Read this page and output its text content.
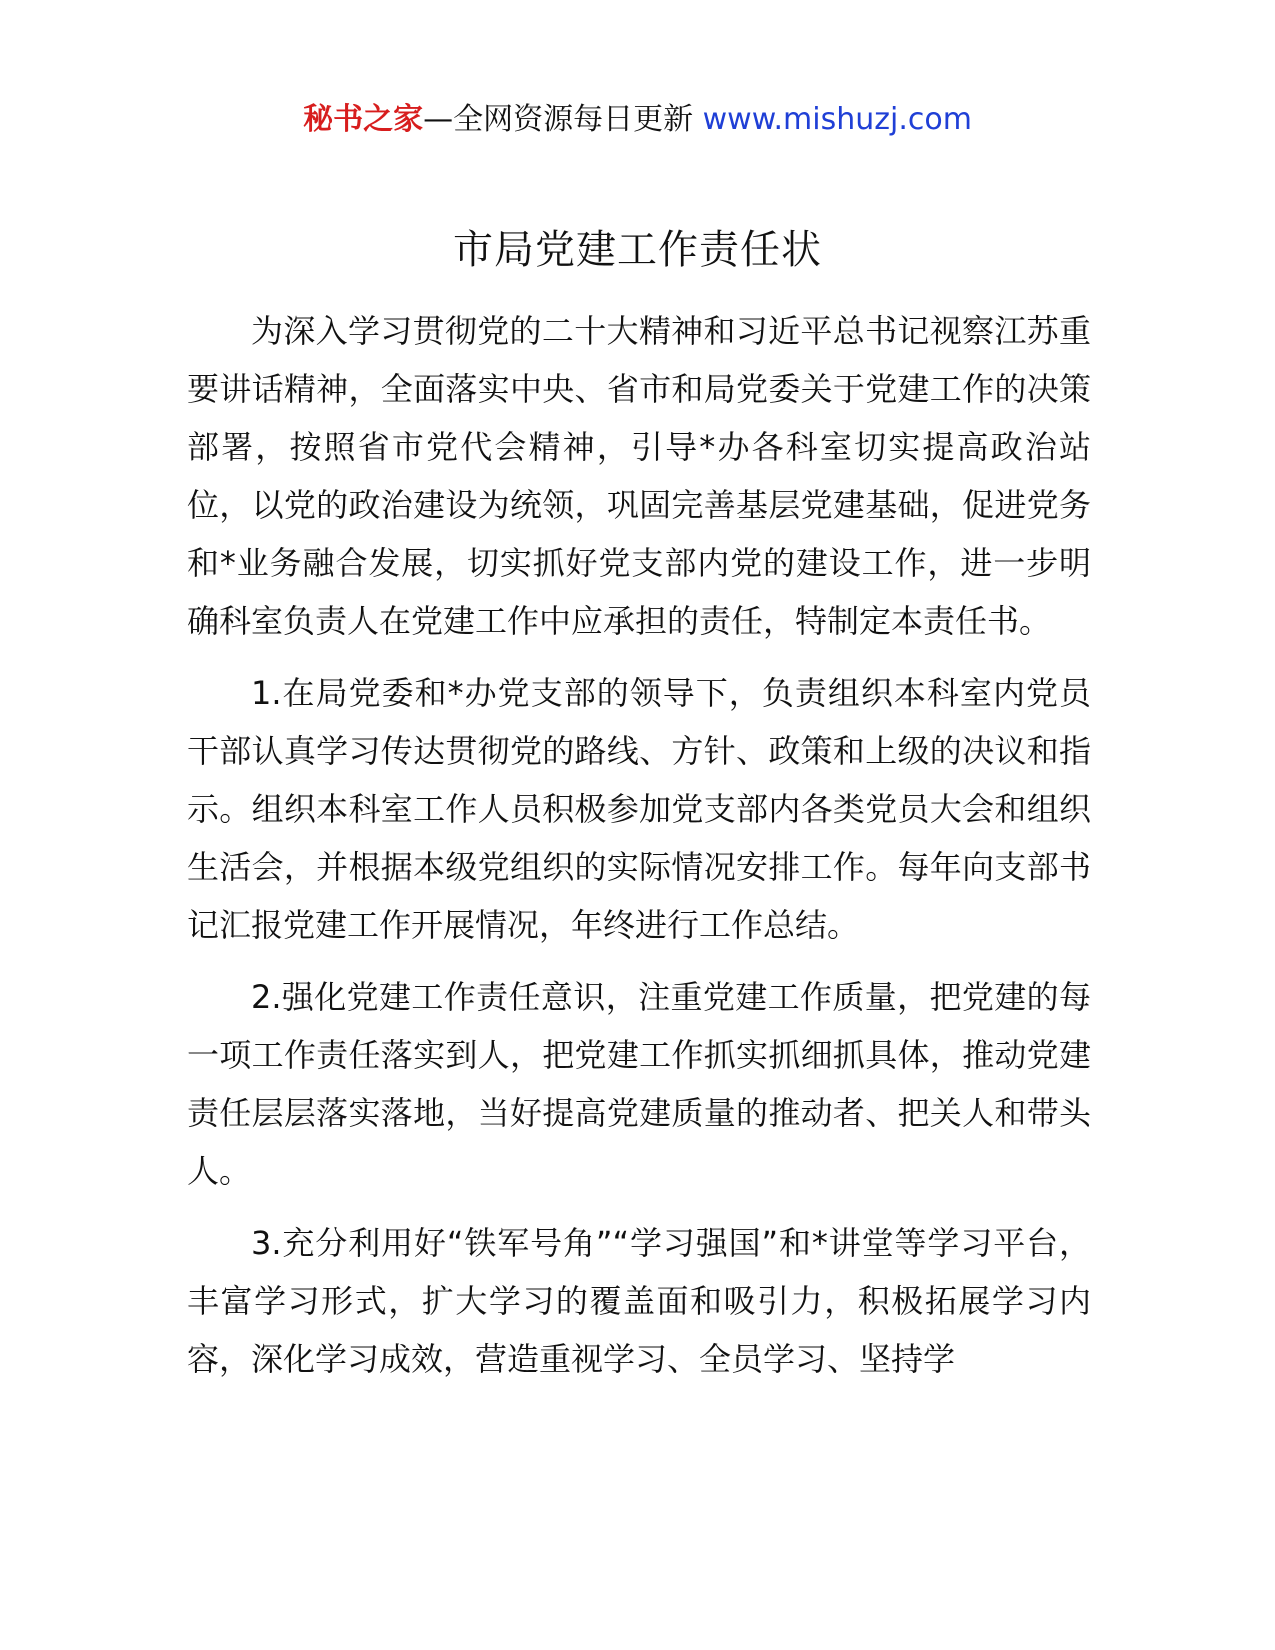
秘书之家—全网资源每日更新 www.mishuzj.com
市局党建工作责任状

为深入学习贯彻党的二十大精神和习近平总书记视察江苏重要讲话精神，全面落实中央、省市和局党委关于党建工作的决策部署，按照省市党代会精神，引导*办各科室切实提高政治站位，以党的政治建设为统领，巩固完善基层党建基础，促进党务和*业务融合发展，切实抓好党支部内党的建设工作，进一步明确科室负责人在党建工作中应承担的责任，特制定本责任书。

1.在局党委和*办党支部的领导下，负责组织本科室内党员干部认真学习传达贯彻党的路线、方针、政策和上级的决议和指示。组织本科室工作人员积极参加党支部内各类党员大会和组织生活会，并根据本级党组织的实际情况安排工作。每年向支部书记汇报党建工作开展情况，年终进行工作总结。

2.强化党建工作责任意识，注重党建工作质量，把党建的每一项工作责任落实到人，把党建工作抓实抓细抓具体，推动党建责任层层落实落地，当好提高党建质量的推动者、把关人和带头人。

3.充分利用好“铁军号角”“学习强国”和*讲堂等学习平台，丰富学习形式，扩大学习的覆盖面和吸引力，积极拓展学习内容，深化学习成效，营造重视学习、全员学习、坚持学
